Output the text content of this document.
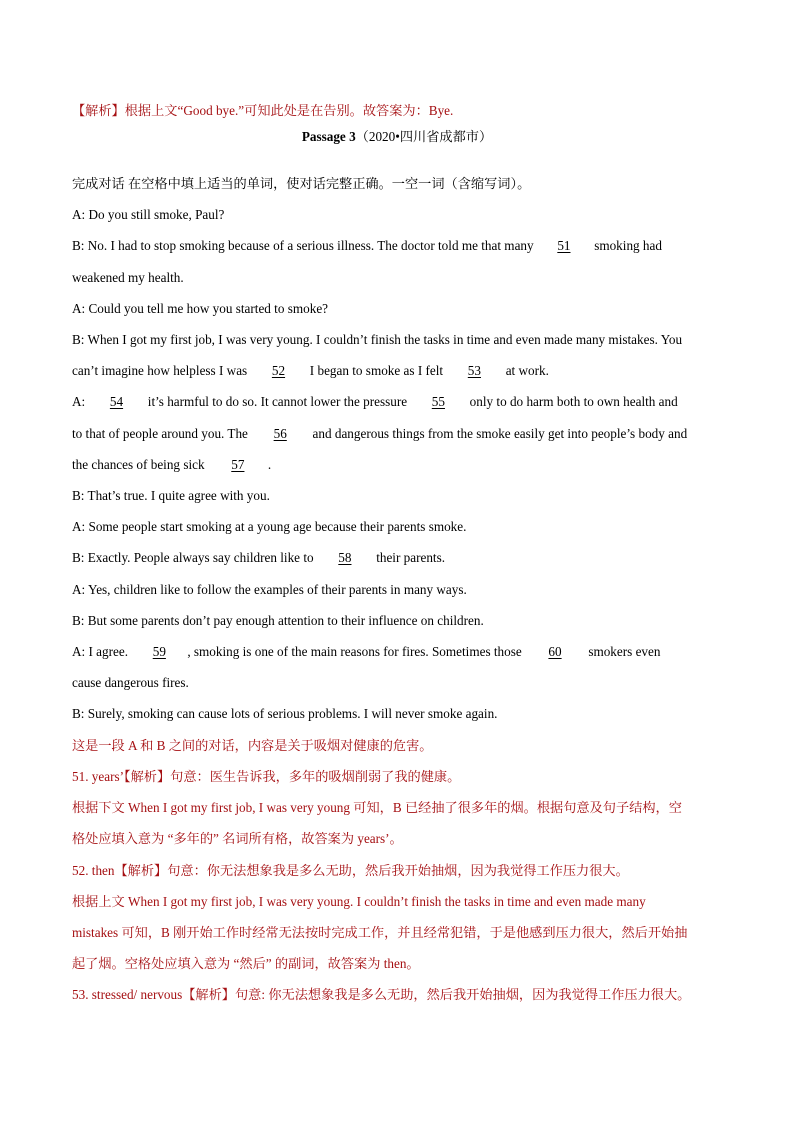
【解析】根据上文“Good bye.”可知此处是在告别。故答案为：Bye.
Passage 3（2020•四川省成都市）
完成对话 在空格中填上适当的单词，使对话完整正确。一空一词（含缩写词）。
A: Do you still smoke, Paul?
B: No. I had to stop smoking because of a serious illness. The doctor told me that many 51 smoking had
weakened my health.
A: Could you tell me how you started to smoke?
B: When I got my first job, I was very young. I couldn’t finish the tasks in time and even made many mistakes. You
can’t imagine how helpless I was 52 I began to smoke as I felt 53 at work.
A: 54 it’s harmful to do so. It cannot lower the pressure 55 only to do harm both to own health and
to that of people around you. The 56 and dangerous things from the smoke easily get into people’s body and
the chances of being sick 57 .
B: That’s true. I quite agree with you.
A: Some people start smoking at a young age because their parents smoke.
B: Exactly. People always say children like to 58 their parents.
A: Yes, children like to follow the examples of their parents in many ways.
B: But some parents don’t pay enough attention to their influence on children.
A: I agree. 59 , smoking is one of the main reasons for fires. Sometimes those 60 smokers even
cause dangerous fires.
B: Surely, smoking can cause lots of serious problems. I will never smoke again.
这是一段 A 和 B 之间的对话，内容是关于吸烟对健康的危害。
51. years’【解析】句意：医生告诉我，多年的吸烟削弱了我的健康。
根据下文 When I got my first job, I was very young 可知，B 已经抽了很多年的烟。根据句意及句子结构，空
格处应填入意为 “多年的” 名词所有格，故答案为 years’。
52. then【解析】句意：你无法想象我是多么无助，然后我开始抽烟，因为我觉得工作压力很大。
根据上文 When I got my first job, I was very young. I couldn’t finish the tasks in time and even made many
mistakes 可知，B 刚开始工作时经常无法按时完成工作，并且经常犯错，于是他感到压力很大，然后开始抽
起了烟。空格处应填入意为 “然后” 的副词，故答案为 then。
53. stressed/ nervous【解析】句意: 你无法想象我是多么无助，然后我开始抽烟，因为我觉得工作压力很大。
